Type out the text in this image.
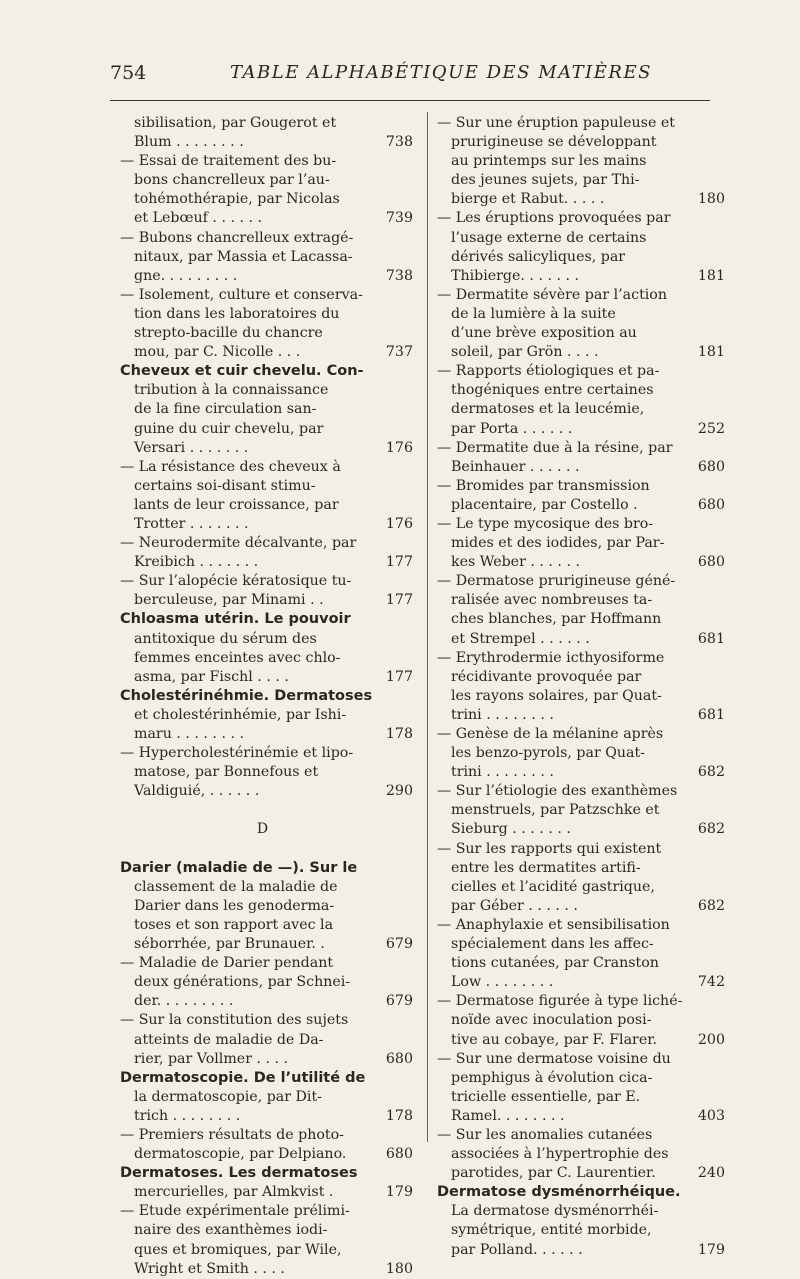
754	TABLE ALPHABÉTIQUE DES MATIÈRES
sibilisation, par Gougerot et
Blum . . . . . . . .	738
— Essai de traitement des bu-
bons chancrelleux par l’au-
tohémothérapie, par Nicolas
et Lebœuf . . . . . .	739
— Bubons chancrelleux extragé-
nitaux, par Massia et Lacassa-
gne. . . . . . . . .	738
— Isolement, culture et conserva-
tion dans les laboratoires du
strepto-bacille du chancre
mou, par C. Nicolle . . .	737
Cheveux et cuir chevelu. Con-
tribution à la connaissance
de la fine circulation san-
guine du cuir chevelu, par
Versari . . . . . . .	176
— La résistance des cheveux à
certains soi-disant stimu-
lants de leur croissance, par
Trotter . . . . . . .	176
— Neurodermite décalvante, par
Kreibich . . . . . . .	177
— Sur l’alopécie kératosique tu-
berculeuse, par Minami . .	177
Chloasma utérin. Le pouvoir
antitoxique du sérum des
femmes enceintes avec chlo-
asma, par Fischl . . . .	177
Cholestérinéhmie. Dermatoses
et cholestérinhémie, par Ishi-
maru . . . . . . . .	178
— Hypercholestérinémie et lipo-
matose, par Bonnefous et
Valdiguié, . . . . . .	290
D
Darier (maladie de —). Sur le
classement de la maladie de
Darier dans les genoderma-
toses et son rapport avec la
séborrhée, par Brunauer. .	679
— Maladie de Darier pendant
deux générations, par Schnei-
der. . . . . . . . .	679
— Sur la constitution des sujets
atteints de maladie de Da-
rier, par Vollmer . . . .	680
Dermatoscopie. De l’utilité de
la dermatoscopie, par Dit-
trich . . . . . . . .	178
— Premiers résultats de photo-
dermatoscopie, par Delpiano.	680
Dermatoses. Les dermatoses
mercurielles, par Almkvist .	179
— Etude expérimentale prélimi-
naire des exanthèmes iodi-
ques et bromiques, par Wile,
Wright et Smith . . . .	180
— Sur une éruption papuleuse et
prurigineuse se développant
au printemps sur les mains
des jeunes sujets, par Thi-
bierge et Rabut. . . . .	180
— Les éruptions provoquées par
l’usage externe de certains
dérivés salicyliques, par
Thibierge. . . . . . .	181
— Dermatite sévère par l’action
de la lumière à la suite
d’une brève exposition au
soleil, par Grön . . . .	181
— Rapports étiologiques et pa-
thogéniques entre certaines
dermatoses et la leucémie,
par Porta . . . . . .	252
— Dermatite due à la résine, par
Beinhauer . . . . . .	680
— Bromides par transmission
placentaire, par Costello .	680
— Le type mycosique des bro-
mides et des iodides, par Par-
kes Weber . . . . . .	680
— Dermatose prurigineuse géné-
ralisée avec nombreuses ta-
ches blanches, par Hoffmann
et Strempel . . . . . .	681
— Erythrodermie icthyosiforme
récidivante provoquée par
les rayons solaires, par Quat-
trini . . . . . . . .	681
— Genèse de la mélanine après
les benzo-pyrols, par Quat-
trini . . . . . . . .	682
— Sur l’étiologie des exanthèmes
menstruels, par Patzschke et
Sieburg . . . . . . .	682
— Sur les rapports qui existent
entre les dermatites artifi-
cielles et l’acidité gastrique,
par Géber . . . . . .	682
— Anaphylaxie et sensibilisation
spécialement dans les affec-
tions cutanées, par Cranston
Low . . . . . . . .	742
— Dermatose figurée à type liché-
noïde avec inoculation posi-
tive au cobaye, par F. Flarer.	200
— Sur une dermatose voisine du
pemphigus à évolution cica-
tricielle essentielle, par E.
Ramel. . . . . . . .	403
— Sur les anomalies cutanées
associées à l’hypertrophie des
parotides, par C. Laurentier.	240
Dermatose dysménorrhéique.
La dermatose dysménorrhéi-
symétrique, entité morbide,
par Polland. . . . . .	179
